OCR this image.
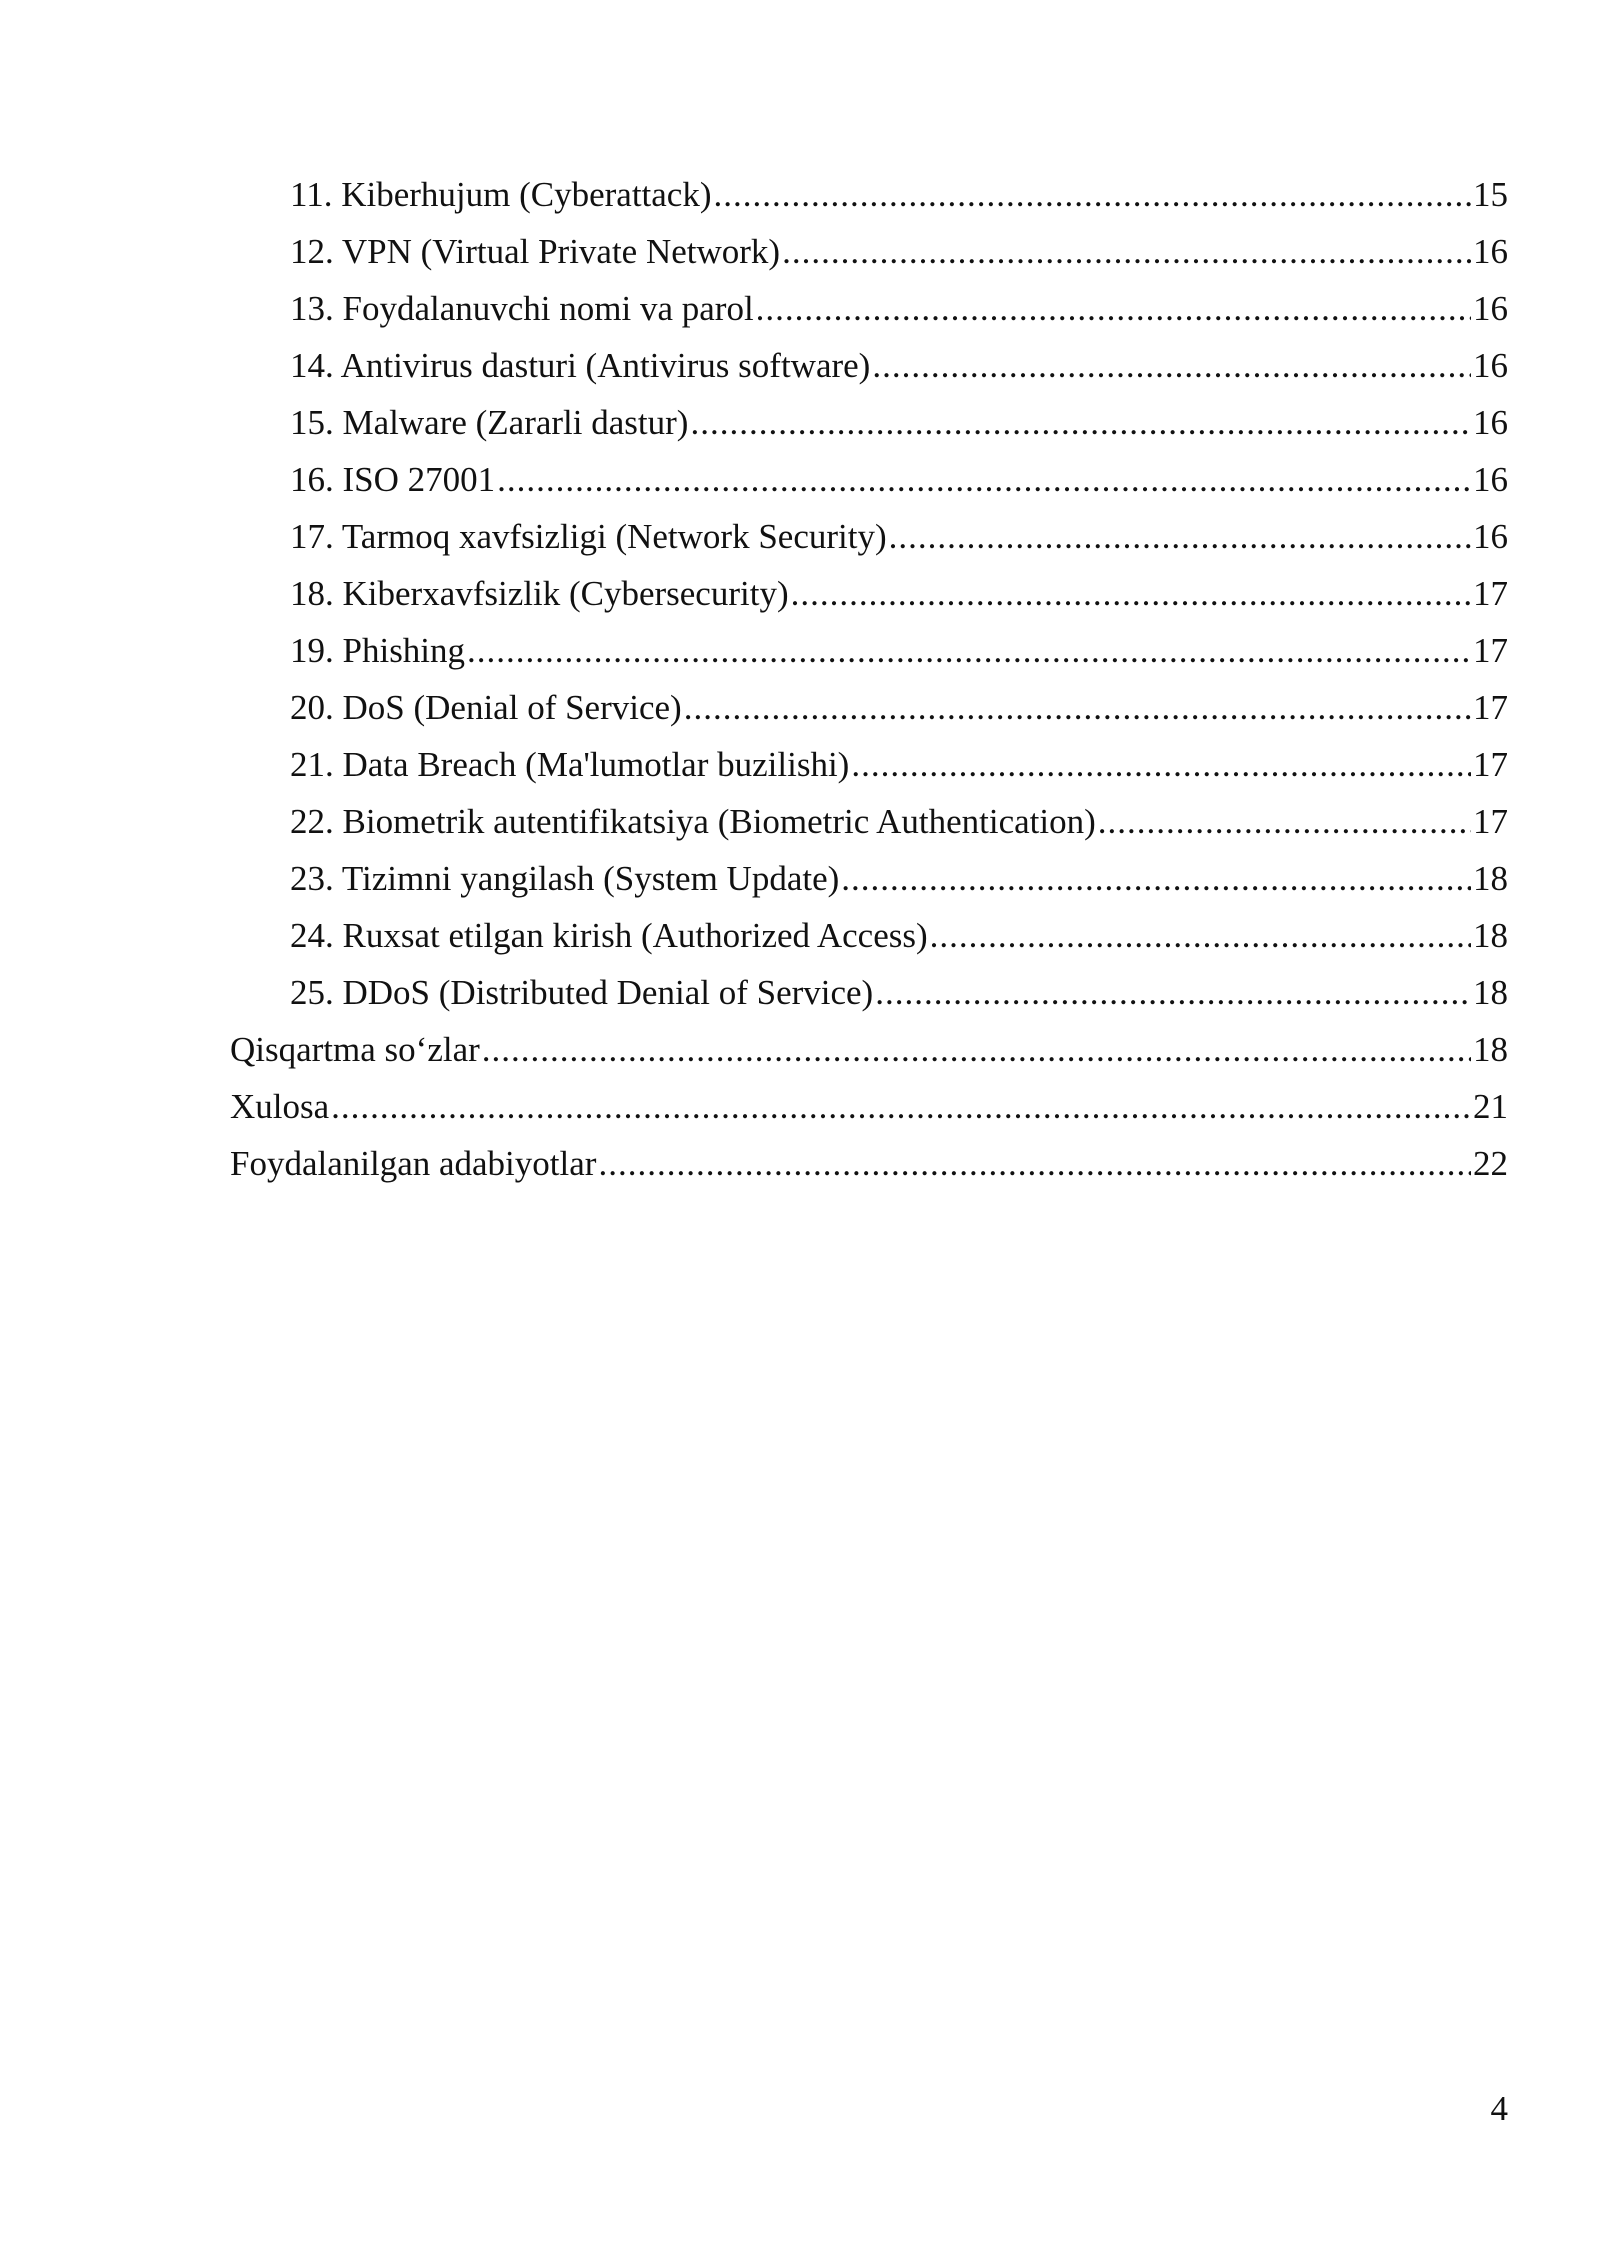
11. Kiberhujum (Cyberattack) .....	15
12. VPN (Virtual Private Network) .....	16
13. Foydalanuvchi nomi va parol .....	16
14. Antivirus dasturi (Antivirus software) .....	16
15. Malware (Zararli dastur) .....	16
16. ISO 27001 .....	16
17. Tarmoq xavfsizligi (Network Security) .....	16
18. Kiberxavfsizlik (Cybersecurity) .....	17
19. Phishing .....	17
20. DoS (Denial of Service) .....	17
21. Data Breach (Ma'lumotlar buzilishi) .....	17
22. Biometrik autentifikatsiya (Biometric Authentication) .....	17
23. Tizimni yangilash (System Update) .....	18
24. Ruxsat etilgan kirish (Authorized Access) .....	18
25. DDoS (Distributed Denial of Service) .....	18
Qisqartma so‘zlar .....	18
Xulosa .....	21
Foydalanilgan adabiyotlar .....	22
4
